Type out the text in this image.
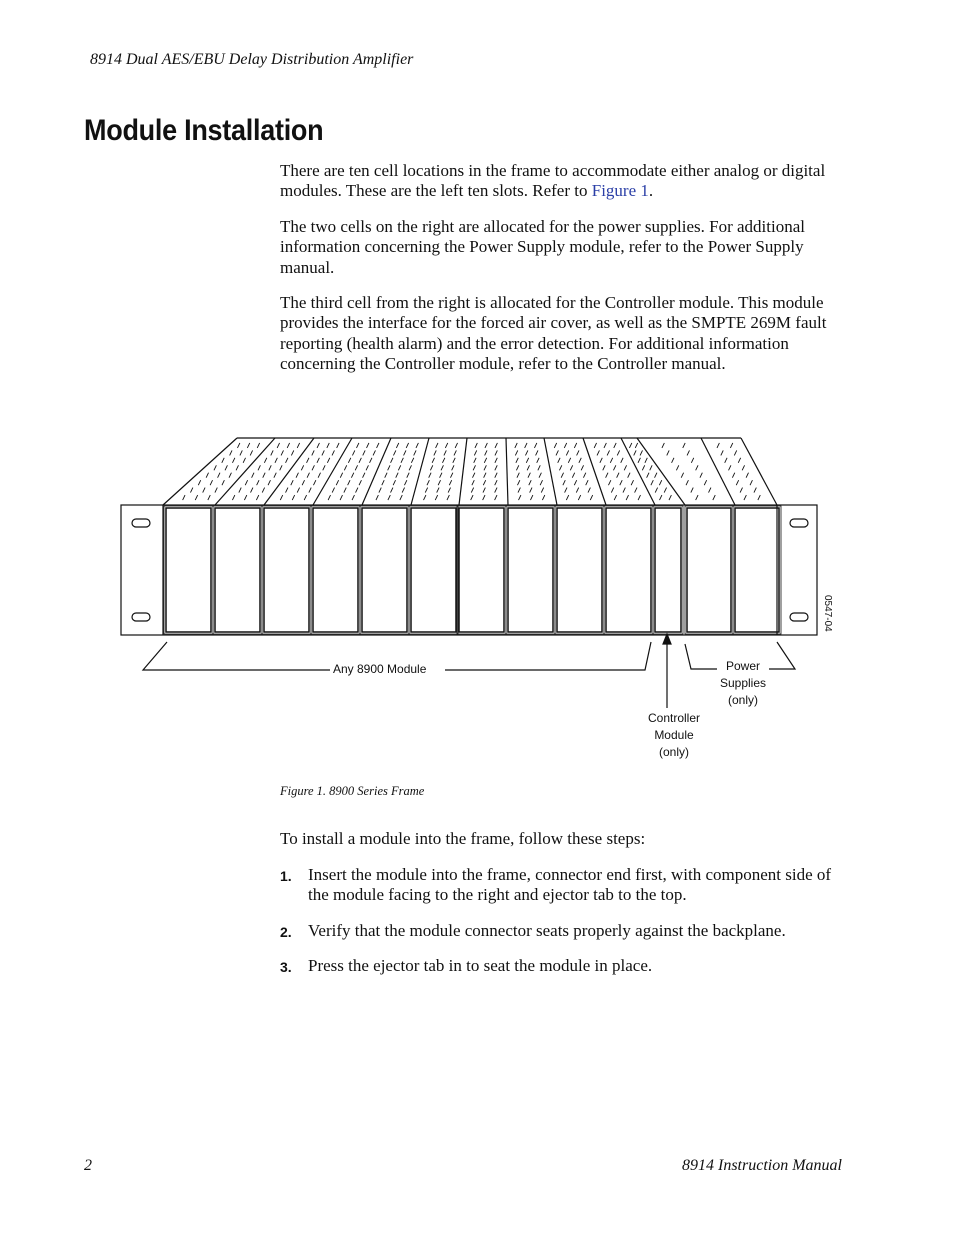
8914 Dual AES/EBU Delay Distribution Amplifier
Module Installation

There are ten cell locations in the frame to accommodate either analog or digital modules. These are the left ten slots. Refer to Figure 1.

The two cells on the right are allocated for the power supplies. For additional information concerning the Power Supply module, refer to the Power Supply manual.

The third cell from the right is allocated for the Controller module. This module provides the interface for the forced air cover, as well as the SMPTE 269M fault reporting (health alarm) and the error detection. For additional information concerning the Controller module, refer to the Controller manual.

0547-04
Any 8900 Module	Power
Supplies
(only)
Controller
Module
(only)
Figure 1. 8900 Series Frame

To install a module into the frame, follow these steps:

1. Insert the module into the frame, connector end first, with component side of the module facing to the right and ejector tab to the top.
2. Verify that the module connector seats properly against the backplane.
3. Press the ejector tab in to seat the module in place.
2	8914 Instruction Manual
